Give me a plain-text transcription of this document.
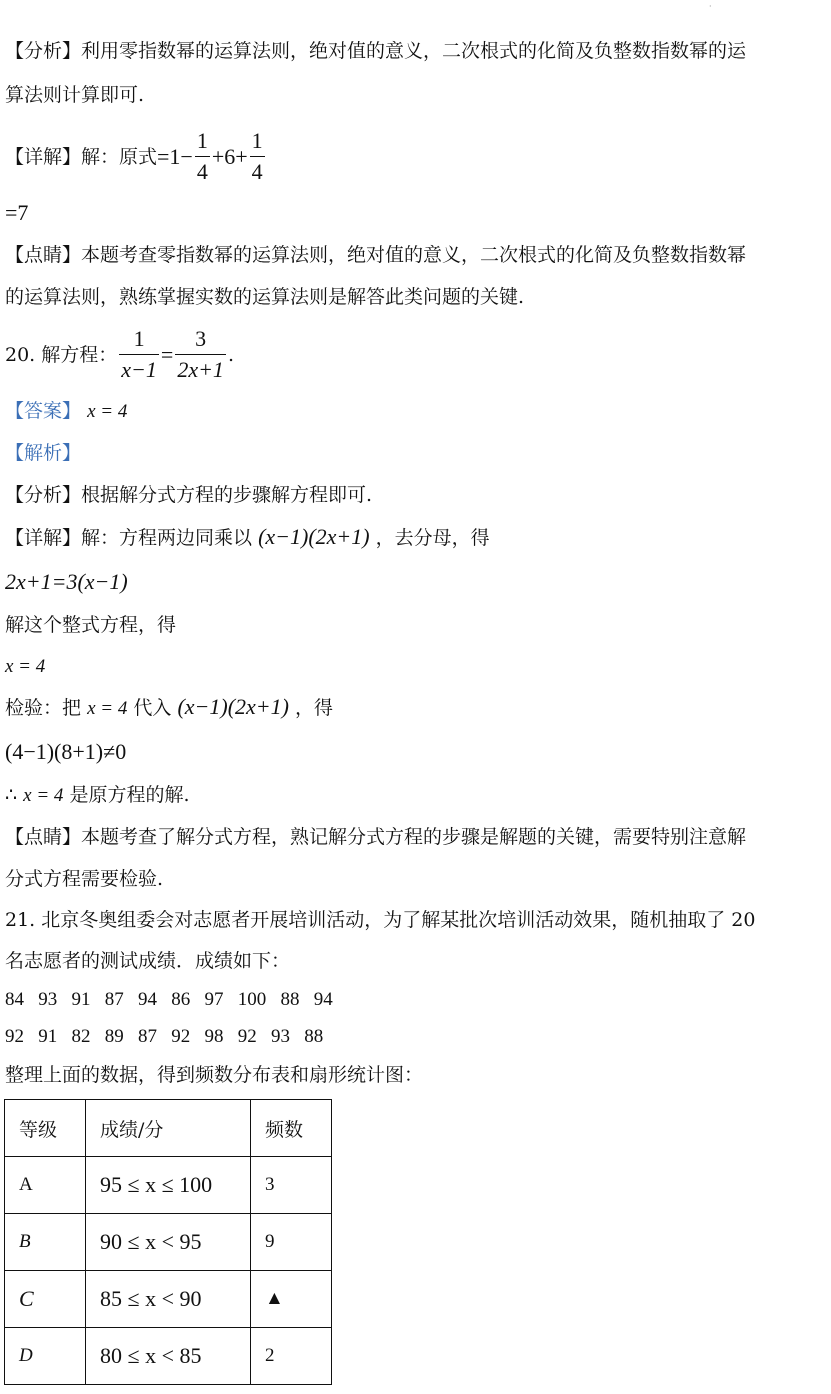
·
【分析】利用零指数幂的运算法则，绝对值的意义，二次根式的化简及负整数指数幂的运
算法则计算即可.
【详解】解：原式 $=1- \frac{1}{4} +6+ \frac{1}{4}$
=7
【点睛】本题考查零指数幂的运算法则，绝对值的意义，二次根式的化简及负整数指数幂
的运算法则，熟练掌握实数的运算法则是解答此类问题的关键.
20. 解方程： $\frac{1}{x-1} = \frac{3}{2x+1}$ .
【答案】 x = 4
【解析】
【分析】根据解分式方程的步骤解方程即可.
【详解】解：方程两边同乘以 (x−1)(2x+1) ，去分母，得
2x+1=3(x−1)
解这个整式方程，得
x = 4
检验：把 x = 4 代入 (x−1)(2x+1) ，得
(4−1)(8+1)≠0
∴ x = 4 是原方程的解.
【点睛】本题考查了解分式方程，熟记解分式方程的步骤是解题的关键，需要特别注意解
分式方程需要检验.
21. 北京冬奥组委会对志愿者开展培训活动，为了解某批次培训活动效果，随机抽取了 20
名志愿者的测试成绩．成绩如下：
84   93   91   87   94   86   97   100   88   94
92   91   82   89   87   92   98   92   93   88
整理上面的数据，得到频数分布表和扇形统计图：
等级	成绩/分	频数
A	95 ≤ x ≤ 100	3
B	90 ≤ x < 95	9
C	85 ≤ x < 90	▲
D	80 ≤ x < 85	2
